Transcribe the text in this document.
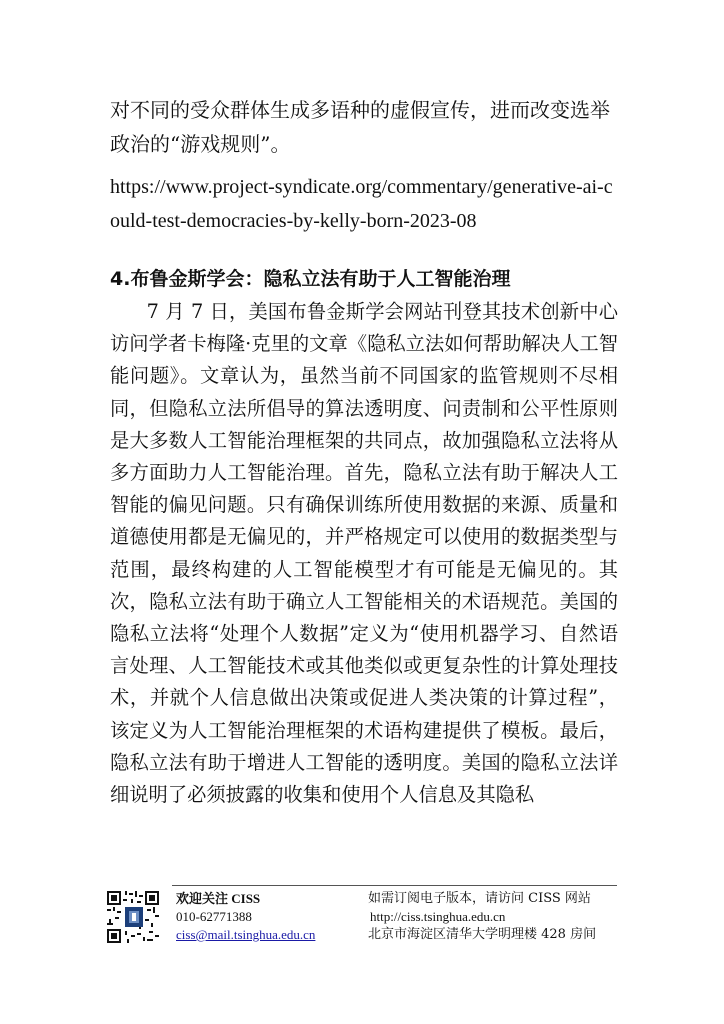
对不同的受众群体生成多语种的虚假宣传，进而改变选举政治的“游戏规则”。
https://www.project-syndicate.org/commentary/generative-ai-could-test-democracies-by-kelly-born-2023-08
4.布鲁金斯学会：隐私立法有助于人工智能治理
7 月 7 日，美国布鲁金斯学会网站刊登其技术创新中心访问学者卡梅隆·克里的文章《隐私立法如何帮助解决人工智能问题》。文章认为，虽然当前不同国家的监管规则不尽相同，但隐私立法所倡导的算法透明度、问责制和公平性原则是大多数人工智能治理框架的共同点，故加强隐私立法将从多方面助力人工智能治理。首先，隐私立法有助于解决人工智能的偏见问题。只有确保训练所使用数据的来源、质量和道德使用都是无偏见的，并严格规定可以使用的数据类型与范围，最终构建的人工智能模型才有可能是无偏见的。其次，隐私立法有助于确立人工智能相关的术语规范。美国的隐私立法将“处理个人数据”定义为“使用机器学习、自然语言处理、人工智能技术或其他类似或更复杂性的计算处理技术，并就个人信息做出决策或促进人类决策的计算过程”，该定义为人工智能治理框架的术语构建提供了模板。最后，隐私立法有助于增进人工智能的透明度。美国的隐私立法详细说明了必须披露的收集和使用个人信息及其隐私
欢迎关注 CISS
010-62771388
ciss@mail.tsinghua.edu.cn
如需订阅电子版本，请访问 CISS 网站
http://ciss.tsinghua.edu.cn
北京市海淀区清华大学明理楼 428 房间
